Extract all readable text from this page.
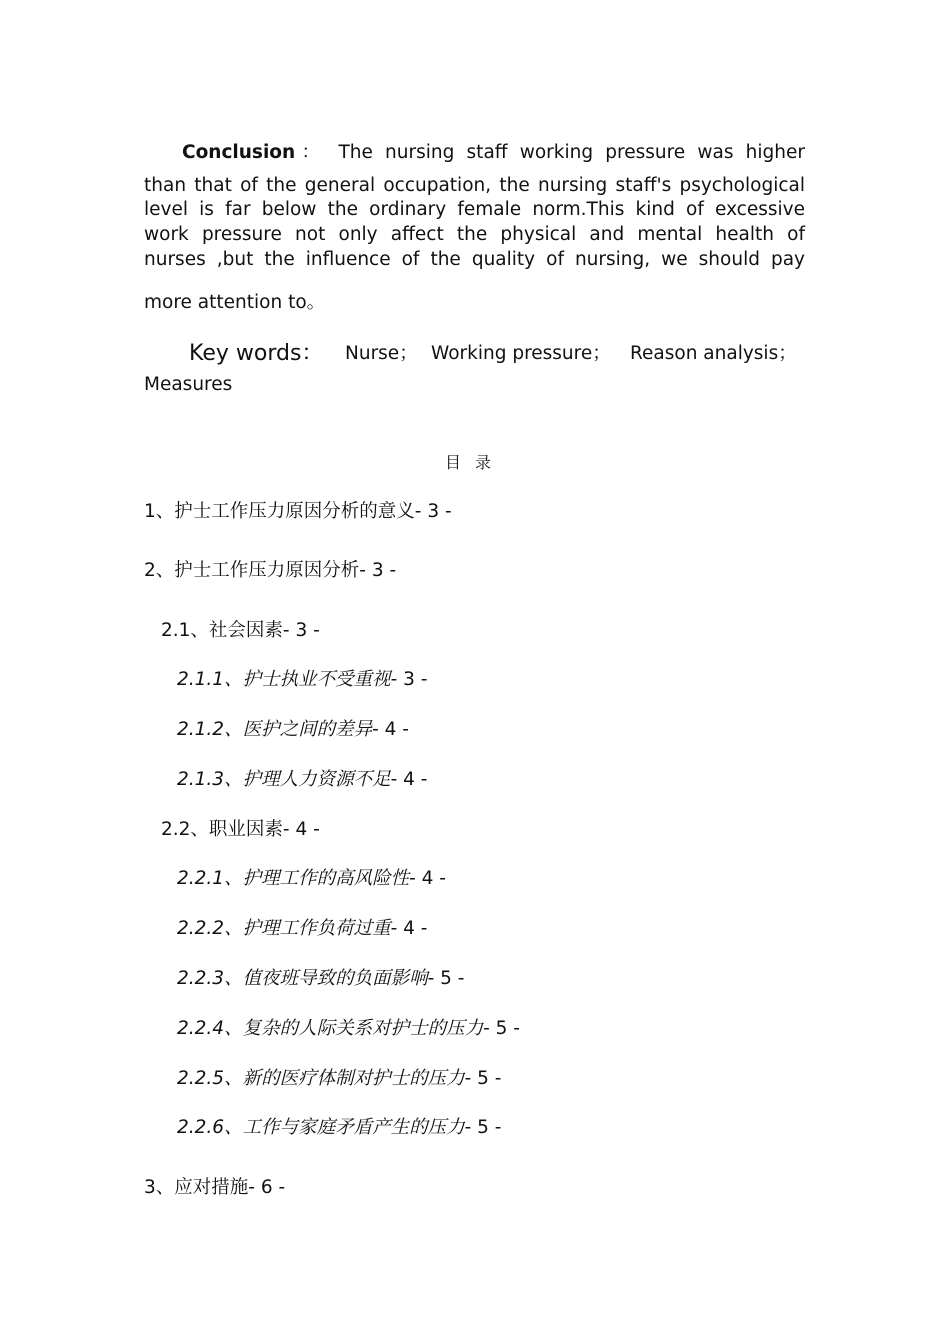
Conclusion： The nursing staff working pressure was higher
than that of the general occupation, the nursing staff's psychological
level is far below the ordinary female norm.This kind of excessive
work pressure not only affect the physical and mental health of
nurses ,but the influence of the quality of nursing, we should pay
more attention to。
Key words： Nurse； Working pressure； Reason analysis；
Measures
目录
1、护士工作压力原因分析的意义- 3 -
2、护士工作压力原因分析- 3 -
2.1、社会因素- 3 -
2.1.1、护士执业不受重视- 3 -
2.1.2、医护之间的差异- 4 -
2.1.3、护理人力资源不足- 4 -
2.2、职业因素- 4 -
2.2.1、护理工作的高风险性- 4 -
2.2.2、护理工作负荷过重- 4 -
2.2.3、值夜班导致的负面影响- 5 -
2.2.4、复杂的人际关系对护士的压力- 5 -
2.2.5、新的医疗体制对护士的压力- 5 -
2.2.6、工作与家庭矛盾产生的压力- 5 -
3、应对措施- 6 -
